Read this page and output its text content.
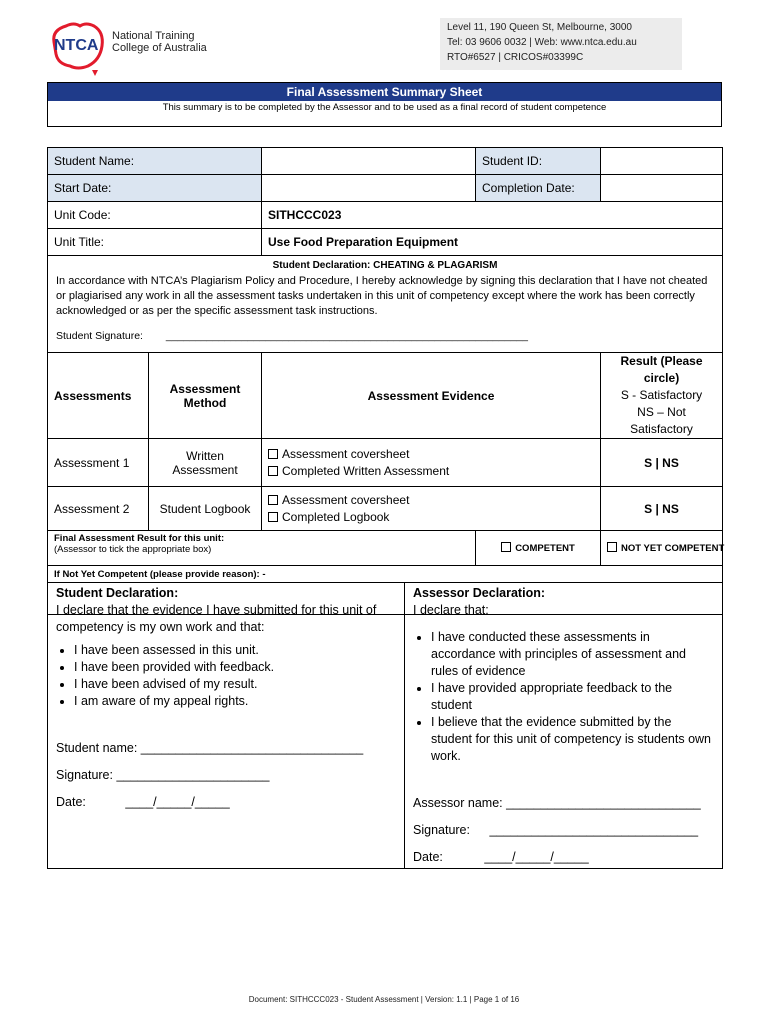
NTCA
National Training
College of Australia
Level 11, 190 Queen St, Melbourne, 3000
Tel: 03 9606 0032 | Web: www.ntca.edu.au
RTO#6527 | CRICOS#03399C
Final Assessment Summary Sheet
This summary is to be completed by the Assessor and to be used as a final record of student competence
Student Name:			Student ID:	
Start Date:			Completion Date:	
Unit Code:		SITHCCC023		
Unit Title:		Use Food Preparation Equipment		

Student Declaration: CHEATING & PLAGARISM
In accordance with NTCA’s Plagiarism Policy and Procedure, I hereby acknowledge by signing this declaration that I have not cheated or plagiarised any work in all the assessment tasks undertaken in this unit of competency except where the work has been correctly acknowledged or as per the specific assessment task instructions.
Student Signature: ______________________________________________________________				

Assessments	Assessment Method	Assessment Evidence		Result (Please circle)
S - Satisfactory
NS – Not Satisfactory

Assessment 1	Written Assessment	Assessment coversheet
Completed Written Assessment		S | NS
Assessment 2	Student Logbook	Assessment coversheet
Completed Logbook		S | NS

Final Assessment Result for this unit:
(Assessor to tick the appropriate box)			COMPETENT	NOT YET COMPETENT
If Not Yet Competent (please provide reason): -				
Student Declaration:
I declare that the evidence I have submitted for this unit of competency is my own work and that:
• I have been assessed in this unit.
• I have been provided with feedback.
• I have been advised of my result.
• I am aware of my appeal rights.
Student name: ________________________________
Signature: ______________________
Date:	____/_____/_____

Assessor Declaration:
I declare that:
• I have conducted these assessments in accordance with principles of assessment and rules of evidence
• I have provided appropriate feedback to the student
• I believe that the evidence submitted by the student for this unit of competency is students own work.
Assessor name: ____________________________
Signature: ______________________________
Date:	____/_____/_____
Document: SITHCCC023 - Student Assessment | Version: 1.1 | Page 1 of 16
